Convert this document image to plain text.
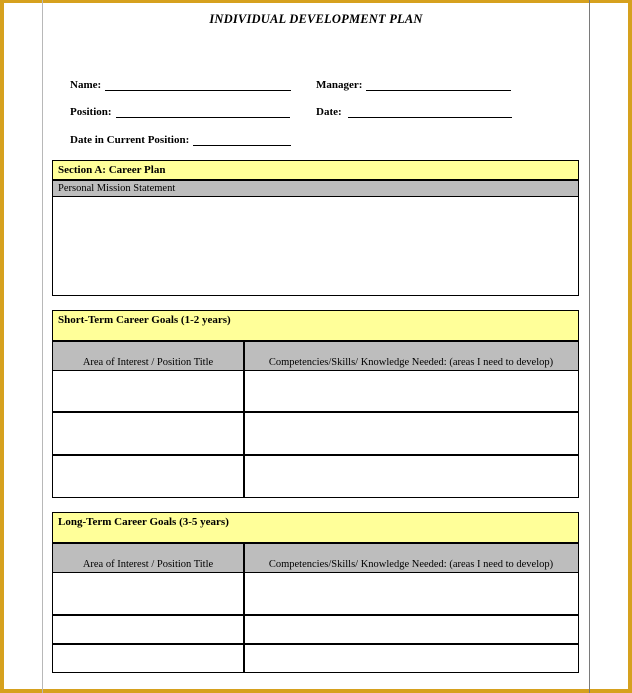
INDIVIDUAL DEVELOPMENT PLAN
Name:	Manager:
Position:	Date:
Date in Current Position:
Section A: Career Plan
Personal Mission Statement
Short-Term Career Goals (1-2 years)
Area of Interest / Position Title	Competencies/Skills/ Knowledge Needed: (areas I need to develop)
Long-Term Career Goals (3-5 years)
Area of Interest / Position Title	Competencies/Skills/ Knowledge Needed: (areas I need to develop)
